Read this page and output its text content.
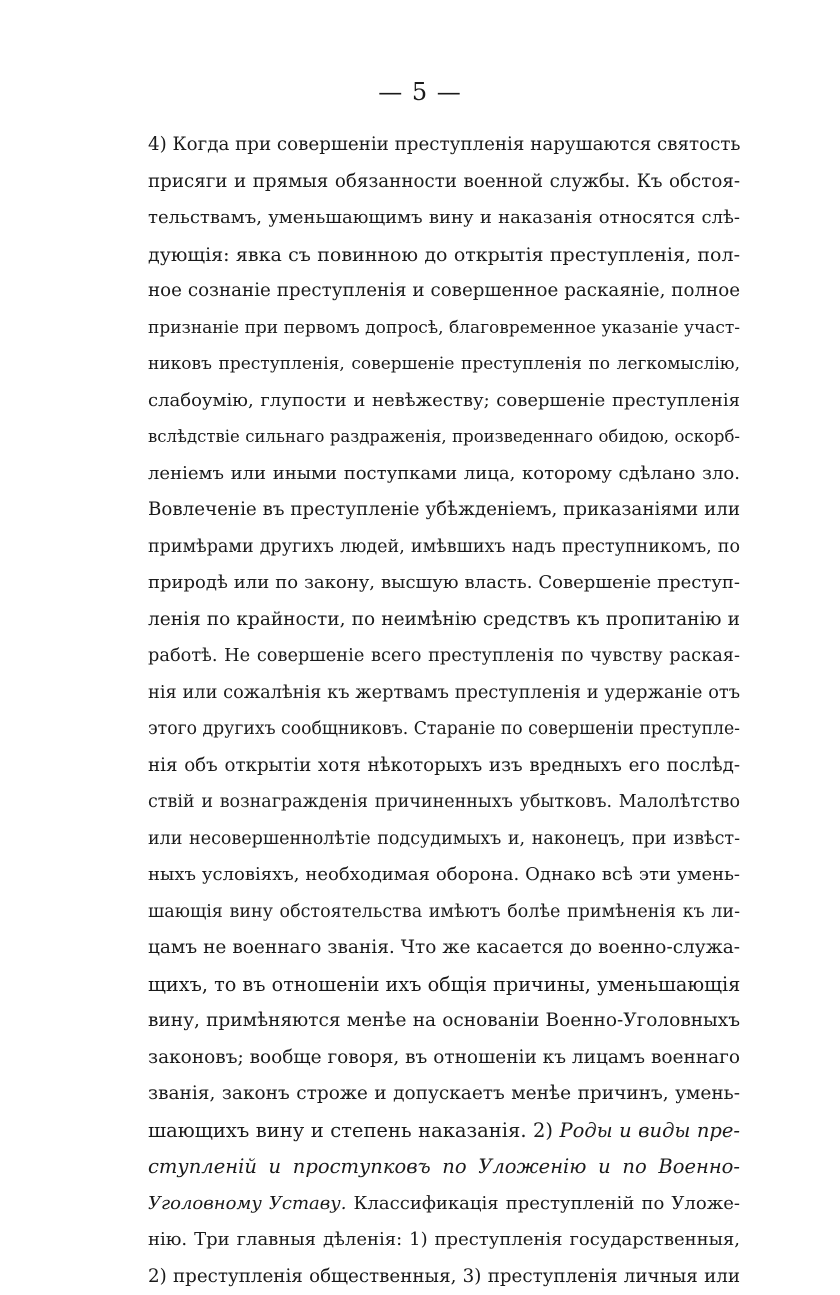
— 5 —
4) Когда при совершеніи преступленія нарушаются святость
присяги и прямыя обязанности военной службы. Къ обстоя-
тельствамъ, уменьшающимъ вину и наказанія относятся слѣ-
дующія: явка съ повинною до открытія преступленія, пол-
ное сознаніе преступленія и совершенное раскаяніе, полное
признаніе при первомъ допросѣ, благовременное указаніе участ-
никовъ преступленія, совершеніе преступленія по легкомыслію,
слабоумію, глупости и невѣжеству; совершеніе преступленія
вслѣдствіе сильнаго раздраженія, произведеннаго обидою, оскорб-
леніемъ или иными поступками лица, которому сдѣлано зло.
Вовлеченіе въ преступленіе убѣжденіемъ, приказаніями или
примѣрами другихъ людей, имѣвшихъ надъ преступникомъ, по
природѣ или по закону, высшую власть. Совершеніе преступ-
ленія по крайности, по неимѣнію средствъ къ пропитанію и
работѣ. Не совершеніе всего преступленія по чувству раская-
нія или сожалѣнія къ жертвамъ преступленія и удержаніе отъ
этого другихъ сообщниковъ. Стараніе по совершеніи преступле-
нія объ открытіи хотя нѣкоторыхъ изъ вредныхъ его послѣд-
ствій и вознагражденія причиненныхъ убытковъ. Малолѣтство
или несовершеннолѣтіе подсудимыхъ и, наконецъ, при извѣст-
ныхъ условіяхъ, необходимая оборона. Однако всѣ эти умень-
шающія вину обстоятельства имѣютъ болѣе примѣненія къ ли-
цамъ не военнаго званія. Что же касается до военно-служа-
щихъ, то въ отношеніи ихъ общія причины, уменьшающія
вину, примѣняются менѣе на основаніи Военно-Уголовныхъ
законовъ; вообще говоря, въ отношеніи къ лицамъ военнаго
званія, законъ строже и допускаетъ менѣе причинъ, умень-
шающихъ вину и степень наказанія. 2) Роды и виды пре-
ступленій и проступковъ по Уложенію и по Военно-
Уголовному Уставу. Классификація преступленій по Уложе-
нію. Три главныя дѣленія: 1) преступленія государственныя,
2) преступленія общественныя, 3) преступленія личныя или
